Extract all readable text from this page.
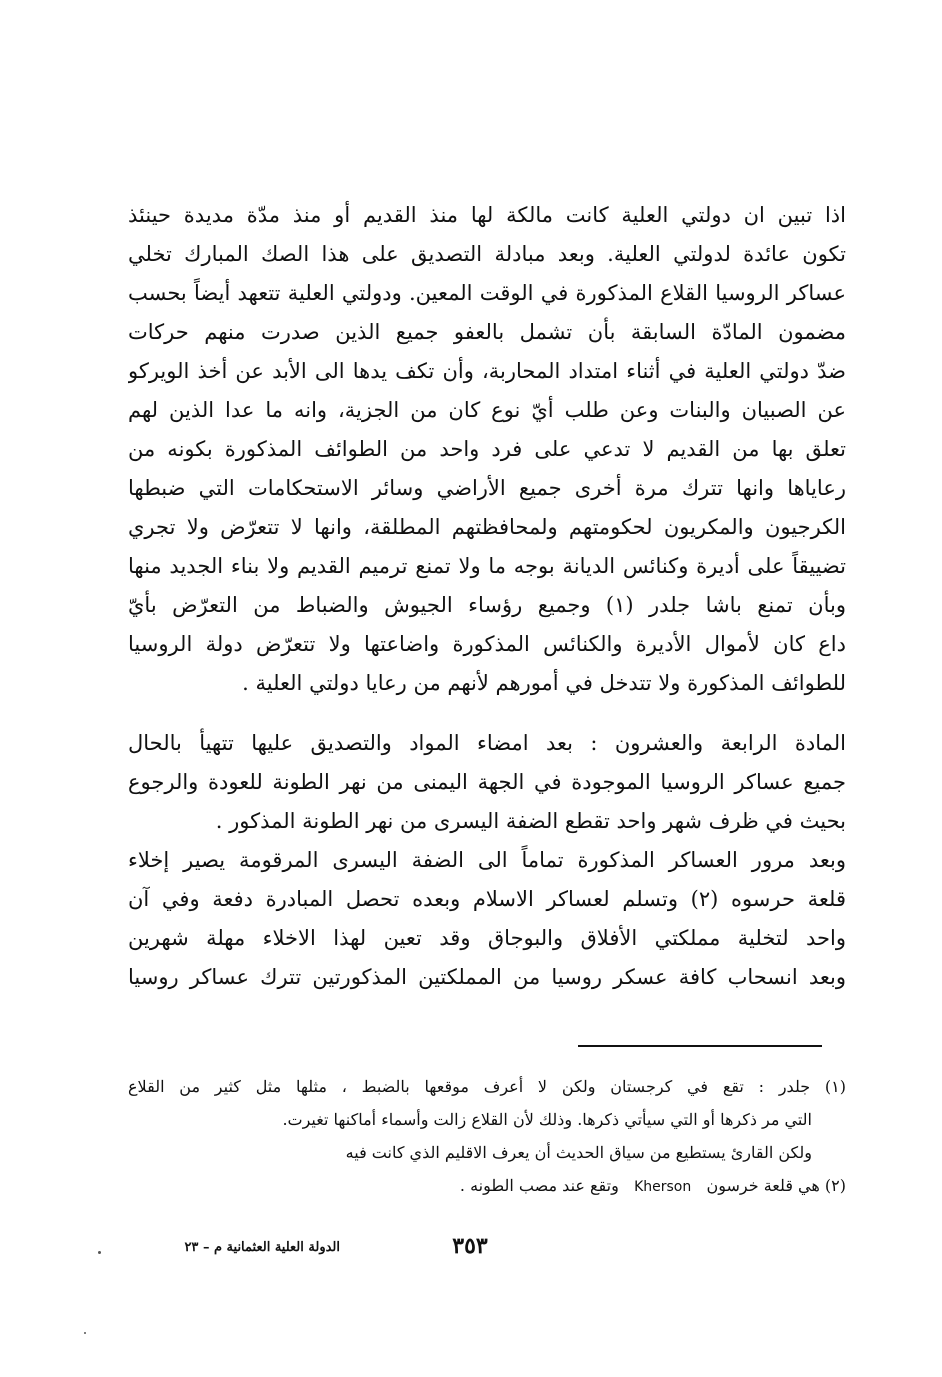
اذا تبين ان دولتي العلية كانت مالكة لها منذ القديم أو منذ مدّة مديدة حينئذ
تكون عائدة لدولتي العلية. وبعد مبادلة التصديق على هذا الصك المبارك تخلي
عساكر الروسيا القلاع المذكورة في الوقت المعين. ودولتي العلية تتعهد أيضاً بحسب
مضمون المادّة السابقة بأن تشمل بالعفو جميع الذين صدرت منهم حركات
ضدّ دولتي العلية في أثناء امتداد المحاربة، وأن تكف يدها الى الأبد عن أخذ الويركو
عن الصبيان والبنات وعن طلب أيّ نوع كان من الجزية، وانه ما عدا الذين لهم
تعلق بها من القديم لا تدعي على فرد واحد من الطوائف المذكورة بكونه من
رعاياها وانها تترك مرة أخرى جميع الأراضي وسائر الاستحكامات التي ضبطها
الكرجيون والمكريون لحكومتهم ولمحافظتهم المطلقة، وانها لا تتعرّض ولا تجري
تضييقاً على أديرة وكنائس الديانة بوجه ما ولا تمنع ترميم القديم ولا بناء الجديد منها
وبأن تمنع باشا جلدر (١) وجميع رؤساء الجيوش والضباط من التعرّض بأيّ
داع كان لأموال الأديرة والكنائس المذكورة واضاعتها ولا تتعرّض دولة الروسيا
للطوائف المذكورة ولا تتدخل في أمورهم لأنهم من رعايا دولتي العلية .
المادة الرابعة والعشرون : بعد امضاء المواد والتصديق عليها تتهيأ بالحال
جميع عساكر الروسيا الموجودة في الجهة اليمنى من نهر الطونة للعودة والرجوع
بحيث في ظرف شهر واحد تقطع الضفة اليسرى من نهر الطونة المذكور .
وبعد مرور العساكر المذكورة تماماً الى الضفة اليسرى المرقومة يصير إخلاء
قلعة حرسوه (٢) وتسلم لعساكر الاسلام وبعده تحصل المبادرة دفعة وفي آن
واحد لتخلية مملكتي الأفلاق والبوجاق وقد تعين لهذا الاخلاء مهلة شهرين
وبعد انسحاب كافة عسكر روسيا من المملكتين المذكورتين تترك عساكر روسيا
(١) جلدر : تقع في كرجستان ولكن لا أعرف موقعها بالضبط ، مثلها مثل كثير من القلاع
التي مر ذكرها أو التي سيأتي ذكرها. وذلك لأن القلاع زالت وأسماء أماكنها تغيرت.
ولكن القارئ يستطيع من سياق الحديث أن يعرف الاقليم الذي كانت فيه
(٢) هي قلعة خرسون   Kherson   وتقع عند مصب الطونه .
٣٥٣
الدولة العلية العثمانية م – ٢٣
